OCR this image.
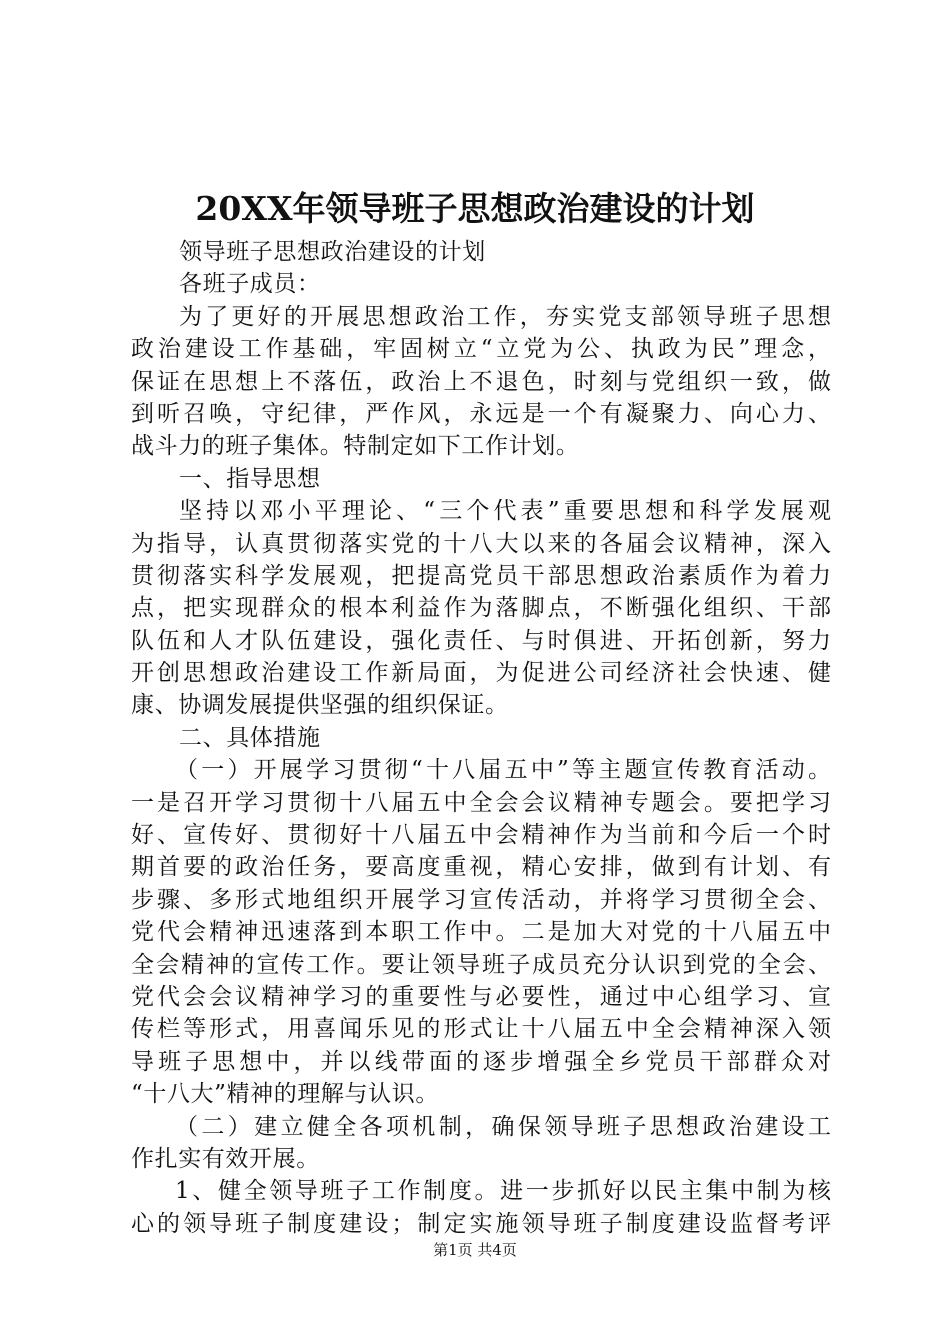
20XX年领导班子思想政治建设的计划
领导班子思想政治建设的计划
各班子成员：
为了更好的开展思想政治工作，夯实党支部领导班子思想
政治建设工作基础，牢固树立“立党为公、执政为民”理念，
保证在思想上不落伍，政治上不退色，时刻与党组织一致，做
到听召唤，守纪律，严作风，永远是一个有凝聚力、向心力、
战斗力的班子集体。特制定如下工作计划。
一、指导思想
坚持以邓小平理论、“三个代表”重要思想和科学发展观
为指导，认真贯彻落实党的十八大以来的各届会议精神，深入
贯彻落实科学发展观，把提高党员干部思想政治素质作为着力
点，把实现群众的根本利益作为落脚点，不断强化组织、干部
队伍和人才队伍建设，强化责任、与时俱进、开拓创新，努力
开创思想政治建设工作新局面，为促进公司经济社会快速、健
康、协调发展提供坚强的组织保证。
二、具体措施
（一）开展学习贯彻“十八届五中”等主题宣传教育活动。
一是召开学习贯彻十八届五中全会会议精神专题会。要把学习
好、宣传好、贯彻好十八届五中会精神作为当前和今后一个时
期首要的政治任务，要高度重视，精心安排，做到有计划、有
步骤、多形式地组织开展学习宣传活动，并将学习贯彻全会、
党代会精神迅速落到本职工作中。二是加大对党的十八届五中
全会精神的宣传工作。要让领导班子成员充分认识到党的全会、
党代会会议精神学习的重要性与必要性，通过中心组学习、宣
传栏等形式，用喜闻乐见的形式让十八届五中全会精神深入领
导班子思想中，并以线带面的逐步增强全乡党员干部群众对
“十八大”精神的理解与认识。
（二）建立健全各项机制，确保领导班子思想政治建设工
作扎实有效开展。
1、健全领导班子工作制度。进一步抓好以民主集中制为核
心的领导班子制度建设；制定实施领导班子制度建设监督考评
第1页 共4页
